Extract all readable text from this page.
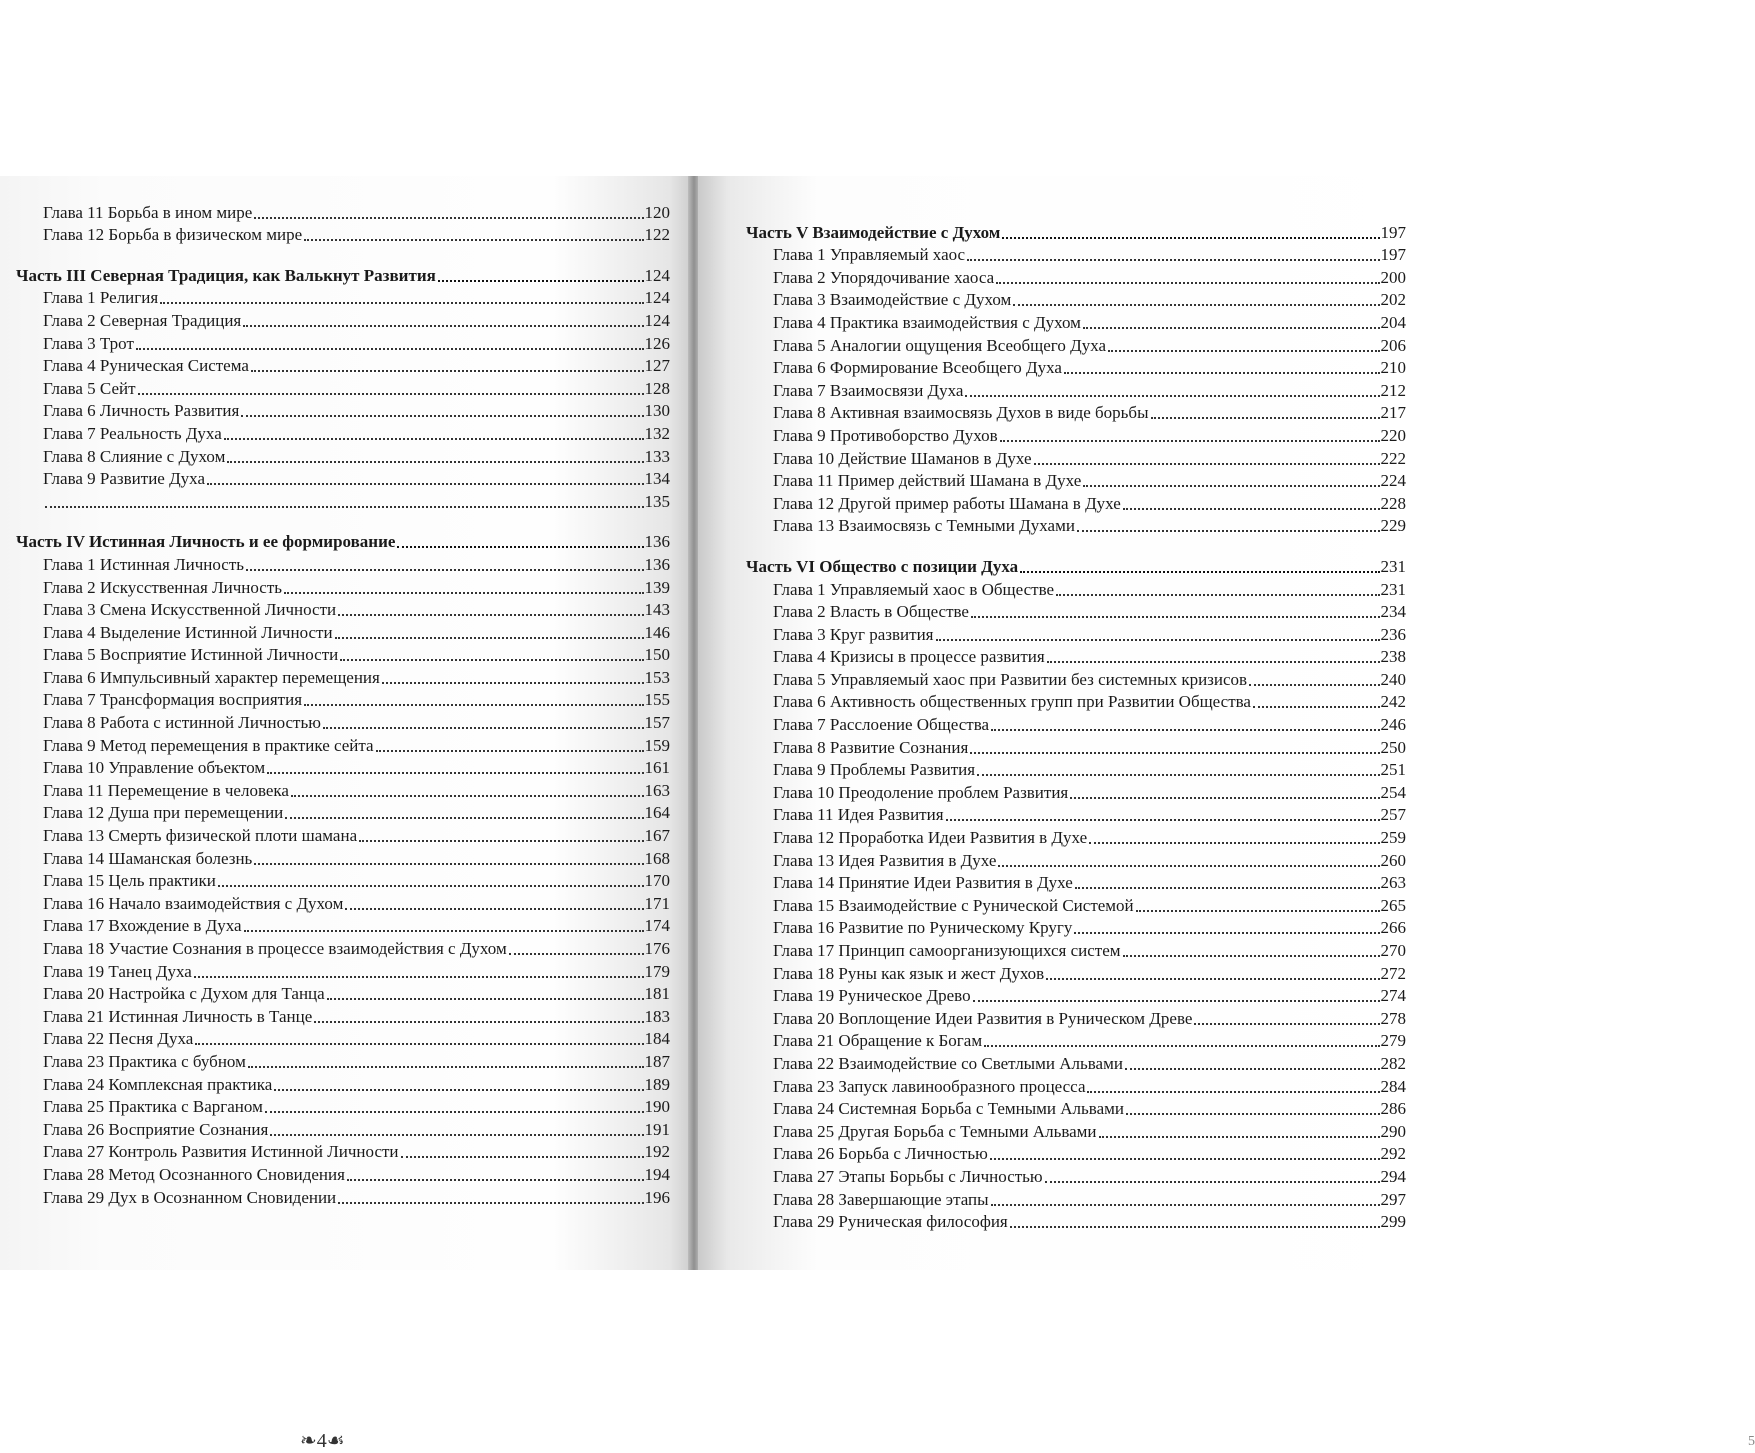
Глава 11 Борьба в ином мире	120
Глава 12 Борьба в физическом мире	122
Часть III Северная Традиция, как Валькнут Развития	124
Глава 1 Религия	124
Глава 2 Северная Традиция	124
Глава 3 Трот	126
Глава 4 Руническая Система	127
Глава 5 Сейт	128
Глава 6 Личность Развития	130
Глава 7 Реальность Духа	132
Глава 8 Слияние с Духом	133
Глава 9 Развитие Духа	134
135
Часть IV Истинная Личность и ее формирование	136
Глава 1 Истинная Личность	136
Глава 2 Искусственная Личность	139
Глава 3 Смена Искусственной Личности	143
Глава 4 Выделение Истинной Личности	146
Глава 5 Восприятие Истинной Личности	150
Глава 6 Импульсивный характер перемещения	153
Глава 7 Трансформация восприятия	155
Глава 8 Работа с истинной Личностью	157
Глава 9 Метод перемещения в практике сейта	159
Глава 10 Управление объектом	161
Глава 11 Перемещение в человека	163
Глава 12 Душа при перемещении	164
Глава 13 Смерть физической плоти шамана	167
Глава 14 Шаманская болезнь	168
Глава 15 Цель практики	170
Глава 16 Начало взаимодействия с Духом	171
Глава 17 Вхождение в Духа	174
Глава 18 Участие Сознания в процессе взаимодействия с Духом	176
Глава 19 Танец Духа	179
Глава 20 Настройка с Духом для Танца	181
Глава 21 Истинная Личность в Танце	183
Глава 22 Песня Духа	184
Глава 23 Практика с бубном	187
Глава 24 Комплексная практика	189
Глава 25 Практика с Варганом	190
Глава 26 Восприятие Сознания	191
Глава 27 Контроль Развития Истинной Личности	192
Глава 28 Метод Осознанного Сновидения	194
Глава 29 Дух в Осознанном Сновидении	196
❧4☙
Часть V Взаимодействие с Духом	197
Глава 1 Управляемый хаос	197
Глава 2 Упорядочивание хаоса	200
Глава 3 Взаимодействие с Духом	202
Глава 4 Практика взаимодействия с Духом	204
Глава 5 Аналогии ощущения Всеобщего Духа	206
Глава 6 Формирование Всеобщего Духа	210
Глава 7 Взаимосвязи Духа	212
Глава 8 Активная взаимосвязь Духов в виде борьбы	217
Глава 9 Противоборство Духов	220
Глава 10 Действие Шаманов в Духе	222
Глава 11 Пример действий Шамана в Духе	224
Глава 12 Другой пример работы Шамана в Духе	228
Глава 13 Взаимосвязь с Темными Духами	229
Часть VI Общество с позиции Духа	231
Глава 1 Управляемый хаос в Обществе	231
Глава 2 Власть в Обществе	234
Глава 3 Круг развития	236
Глава 4 Кризисы в процессе развития	238
Глава 5 Управляемый хаос при Развитии без системных кризисов	240
Глава 6 Активность общественных групп при Развитии Общества	242
Глава 7 Расслоение Общества	246
Глава 8 Развитие Сознания	250
Глава 9 Проблемы Развития	251
Глава 10 Преодоление проблем Развития	254
Глава 11 Идея Развития	257
Глава 12 Проработка Идеи Развития в Духе	259
Глава 13 Идея Развития в Духе	260
Глава 14 Принятие Идеи Развития в Духе	263
Глава 15 Взаимодействие с Рунической Системой	265
Глава 16 Развитие по Руническому Кругу	266
Глава 17 Принцип самоорганизующихся систем	270
Глава 18 Руны как язык и жест Духов	272
Глава 19 Руническое Древо	274
Глава 20 Воплощение Идеи Развития в Руническом Древе	278
Глава 21 Обращение к Богам	279
Глава 22 Взаимодействие со Светлыми Альвами	282
Глава 23 Запуск лавинообразного процесса	284
Глава 24 Системная Борьба с Темными Альвами	286
Глава 25 Другая Борьба с Темными Альвами	290
Глава 26 Борьба с Личностью	292
Глава 27 Этапы Борьбы с Личностью	294
Глава 28 Завершающие этапы	297
Глава 29 Руническая философия	299
5
